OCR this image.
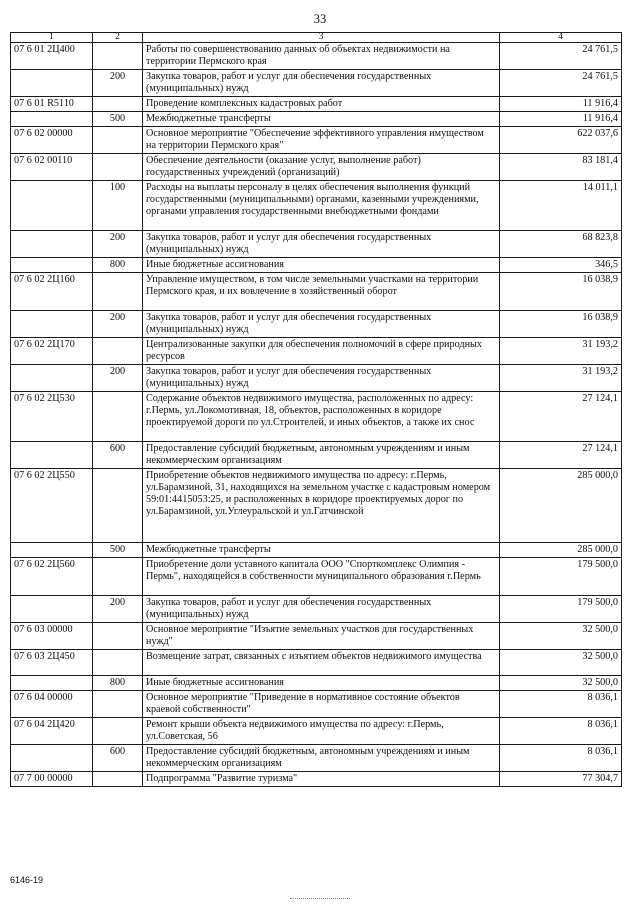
33
1	2	3	4
07 6 01 2Ц400		Работы по совершенствованию данных об объектах недвижимости на территории Пермского края	24 761,5
	200	Закупка товаров, работ и услуг для обеспечения государственных (муниципальных) нужд	24 761,5
07 6 01 R5110		Проведение комплексных кадастровых работ	11 916,4
	500	Межбюджетные трансферты	11 916,4
07 6 02 00000		Основное мероприятие "Обеспечение эффективного управления имуществом на территории Пермского края"	622 037,6
07 6 02 00110		Обеспечение деятельности (оказание услуг, выполнение работ) государственных учреждений (организаций)	83 181,4
	100	Расходы на выплаты персоналу в целях обеспечения выполнения функций государственными (муниципальными) органами, казенными учреждениями, органами управления государственными внебюджетными фондами	14 011,1
	200	Закупка товаров, работ и услуг для обеспечения государственных (муниципальных) нужд	68 823,8
	800	Иные бюджетные ассигнования	346,5
07 6 02 2Ц160		Управление имуществом, в том числе земельными участками на территории Пермского края, и их вовлечение в хозяйственный оборот	16 038,9
	200	Закупка товаров, работ и услуг для обеспечения государственных (муниципальных) нужд	16 038,9
07 6 02 2Ц170		Централизованные закупки для обеспечения полномочий в сфере природных ресурсов	31 193,2
	200	Закупка товаров, работ и услуг для обеспечения государственных (муниципальных) нужд	31 193,2
07 6 02 2Ц530		Содержание объектов недвижимого имущества, расположенных по адресу: г.Пермь, ул.Локомотивная, 18, объектов, расположенных в коридоре проектируемой дороги по ул.Строителей, и иных объектов, а также их снос	27 124,1
	600	Предоставление субсидий бюджетным, автономным учреждениям и иным некоммерческим организациям	27 124,1
07 6 02 2Ц550		Приобретение объектов недвижимого имущества по адресу: г.Пермь, ул.Барамзиной, 31, находящихся на земельном участке с кадастровым номером 59:01:4415053:25, и расположенных в коридоре проектируемых дорог по ул.Барамзиной, ул.Углеуральской и ул.Гатчинской	285 000,0
	500	Межбюджетные трансферты	285 000,0
07 6 02 2Ц560		Приобретение доли уставного капитала ООО "Спорткомплекс Олимпия - Пермь", находящейся в собственности муниципального образования г.Пермь	179 500,0
	200	Закупка товаров, работ и услуг для обеспечения государственных (муниципальных) нужд	179 500,0
07 6 03 00000		Основное мероприятие "Изъятие земельных участков для государственных нужд"	32 500,0
07 6 03 2Ц450		Возмещение затрат, связанных с изъятием объектов недвижимого имущества	32 500,0
	800	Иные бюджетные ассигнования	32 500,0
07 6 04 00000		Основное мероприятие "Приведение в нормативное состояние объектов краевой собственности"	8 036,1
07 6 04 2Ц420		Ремонт крыши объекта недвижимого имущества по адресу: г.Пермь, ул.Советская, 56	8 036,1
	600	Предоставление субсидий бюджетным, автономным учреждениям и иным некоммерческим организациям	8 036,1
07 7 00 00000		Подпрограмма "Развитие туризма"	77 304,7
6146-19
